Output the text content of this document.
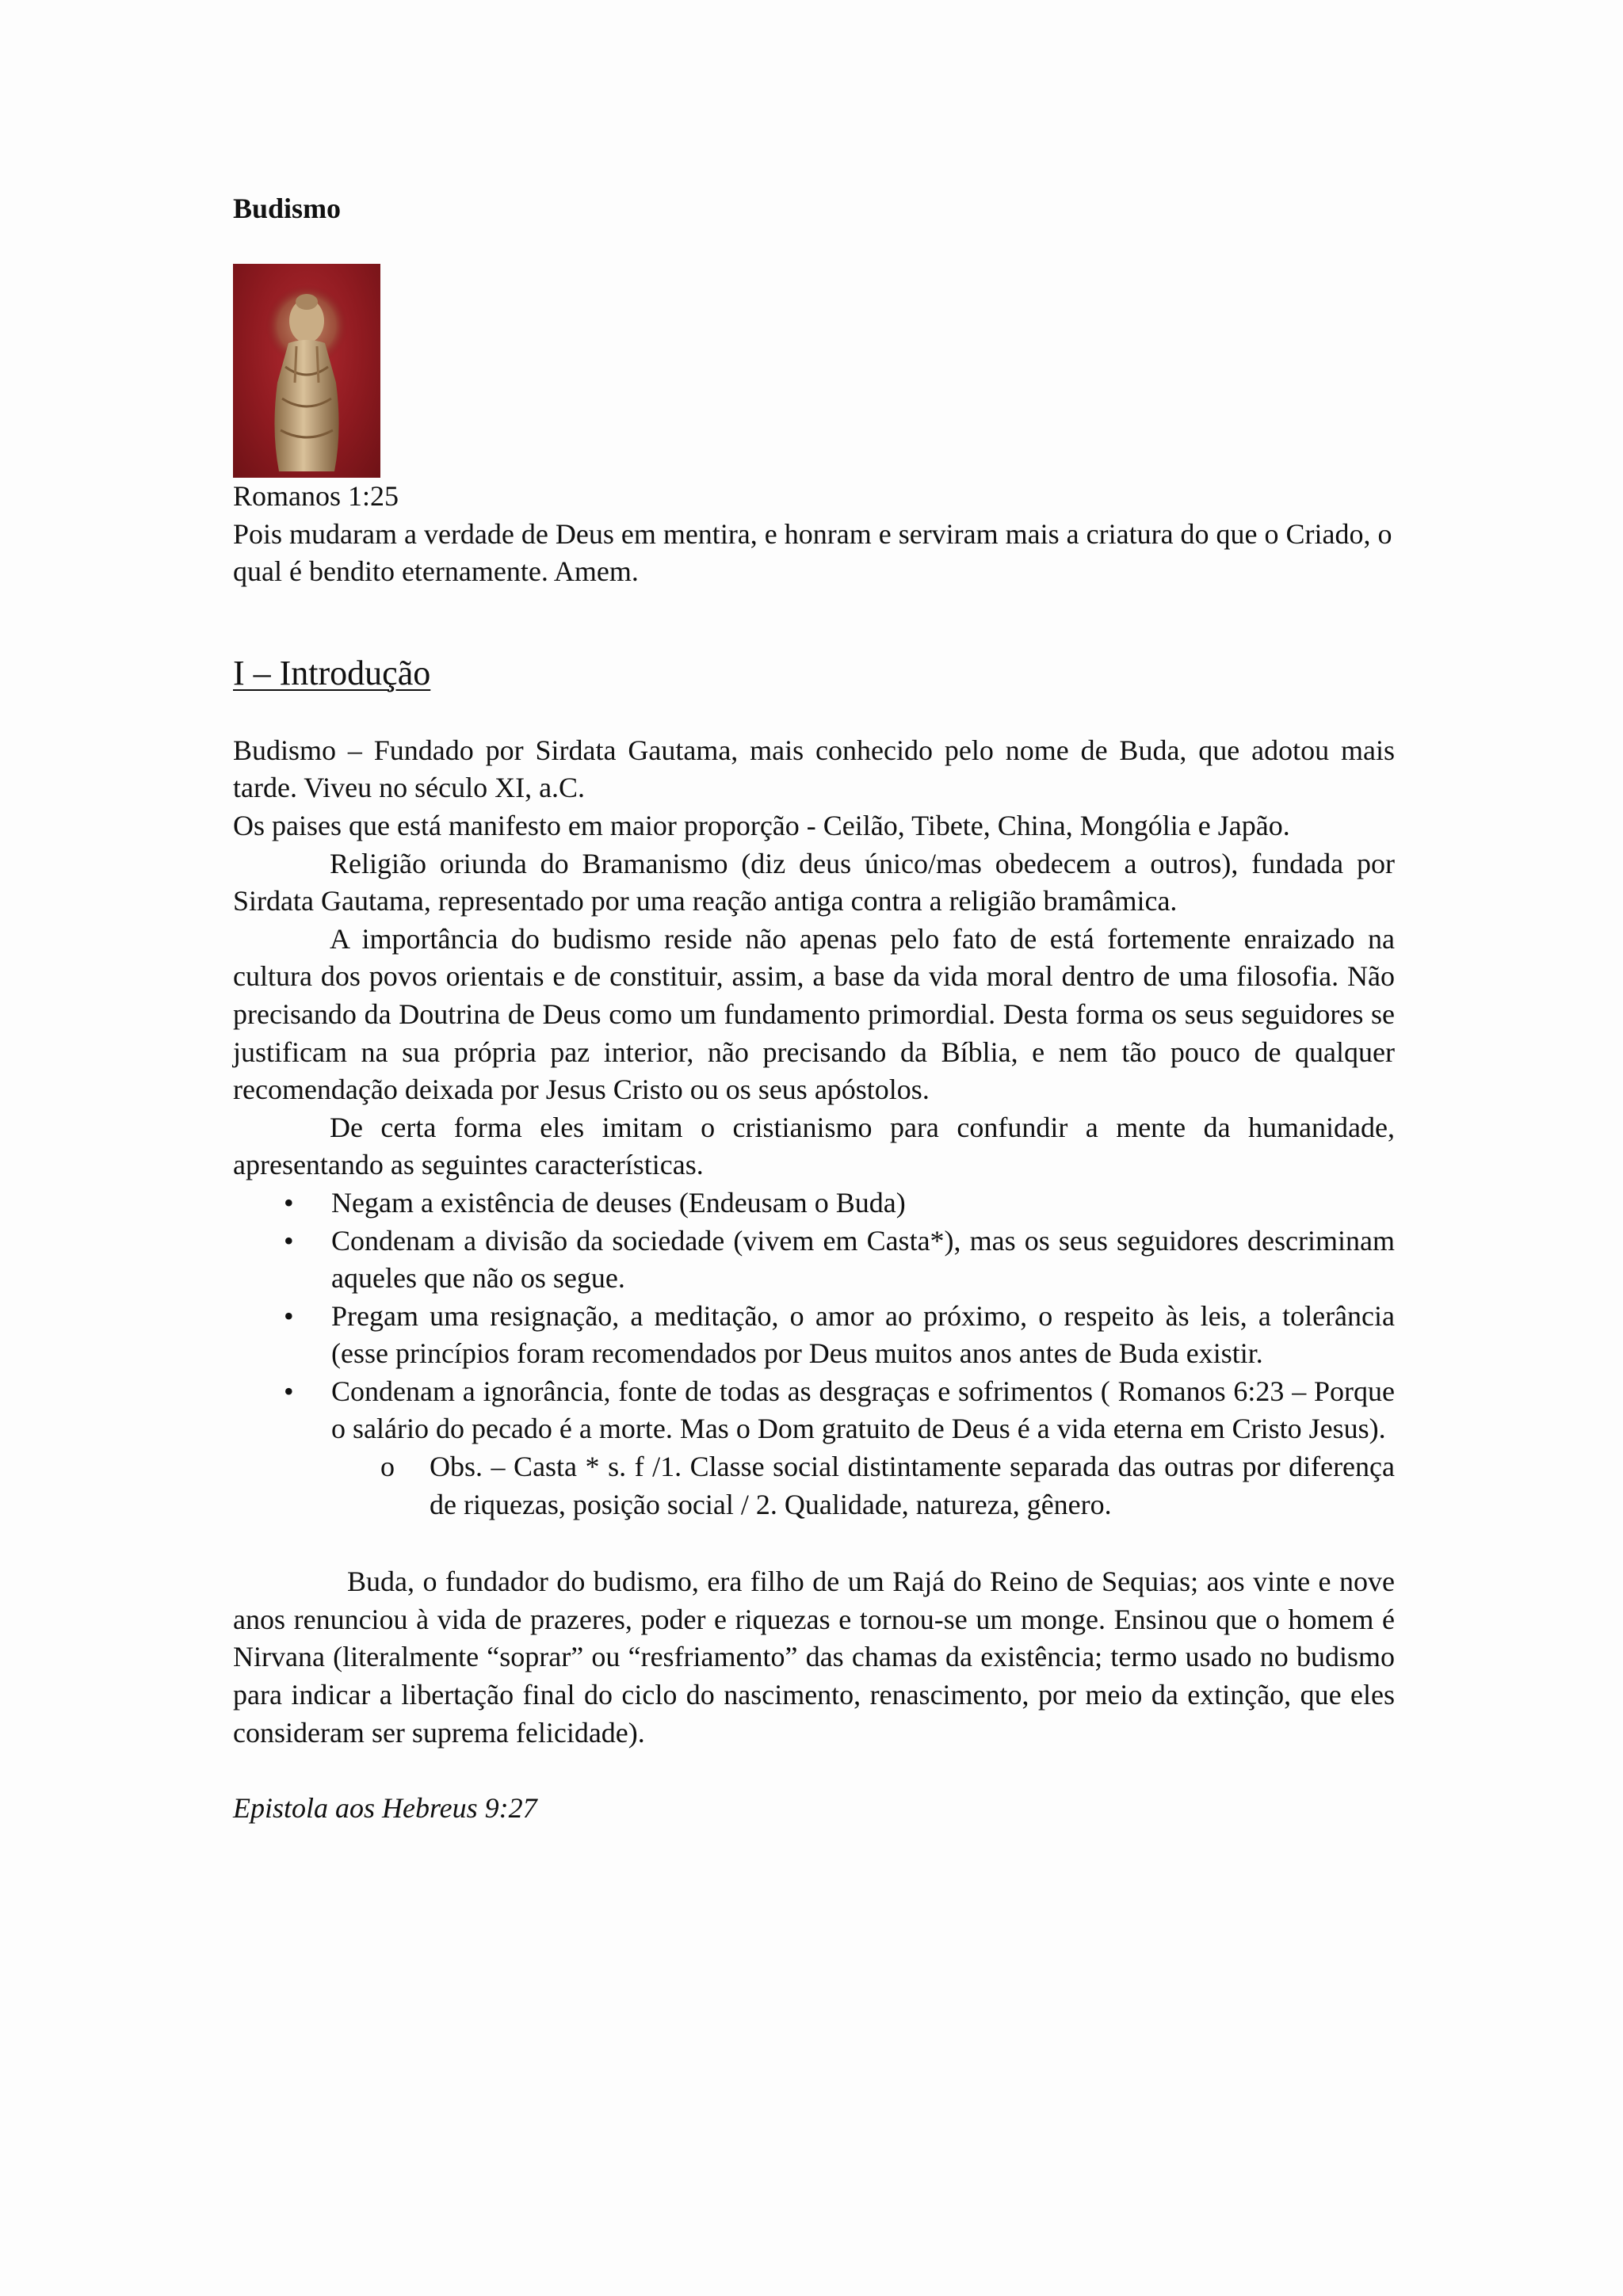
Budismo

Romanos 1:25

Pois mudaram a verdade de Deus em mentira, e honram e serviram mais a criatura do que o Criado, o qual é bendito eternamente. Amem.

I – Introdução

Budismo – Fundado por Sirdata Gautama, mais conhecido pelo nome de Buda, que adotou mais tarde. Viveu no século XI, a.C.

Os paises que está manifesto em maior proporção - Ceilão, Tibete, China, Mongólia e Japão.

Religião oriunda do Bramanismo (diz deus único/mas obedecem a outros), fundada por Sirdata Gautama, representado por uma reação antiga contra a religião bramâmica.

A importância do budismo reside não apenas pelo fato de está fortemente enraizado na cultura dos povos orientais e de constituir, assim, a base da vida moral dentro de uma filosofia. Não precisando da Doutrina de Deus como um fundamento primordial. Desta forma os seus seguidores se justificam na sua própria paz interior, não precisando da Bíblia, e nem tão pouco de qualquer recomendação deixada por Jesus Cristo ou os seus apóstolos.

De certa forma eles imitam o cristianismo para confundir a mente da humanidade, apresentando as seguintes características.

• Negam a existência de deuses (Endeusam o Buda)
• Condenam a divisão da sociedade (vivem em Casta*), mas os seus seguidores descriminam aqueles que não os segue.
• Pregam uma resignação, a meditação, o amor ao próximo, o respeito às leis, a tolerância (esse princípios foram recomendados por Deus muitos anos antes de Buda existir.
• Condenam a ignorância, fonte de todas as desgraças e sofrimentos ( Romanos 6:23 – Porque o salário do pecado é a morte. Mas o Dom gratuito de Deus é a vida eterna em Cristo Jesus).
o Obs. – Casta * s. f /1. Classe social distintamente separada das outras por diferença de riquezas, posição social / 2. Qualidade, natureza, gênero.

Buda, o fundador do budismo, era filho de um Rajá do Reino de Sequias; aos vinte e nove anos renunciou à vida de prazeres, poder e riquezas e tornou-se um monge. Ensinou que o homem é Nirvana (literalmente “soprar” ou “resfriamento” das chamas da existência; termo usado no budismo para indicar a libertação final do ciclo do nascimento, renascimento, por meio da extinção, que eles consideram ser suprema felicidade).

Epistola aos Hebreus 9:27
